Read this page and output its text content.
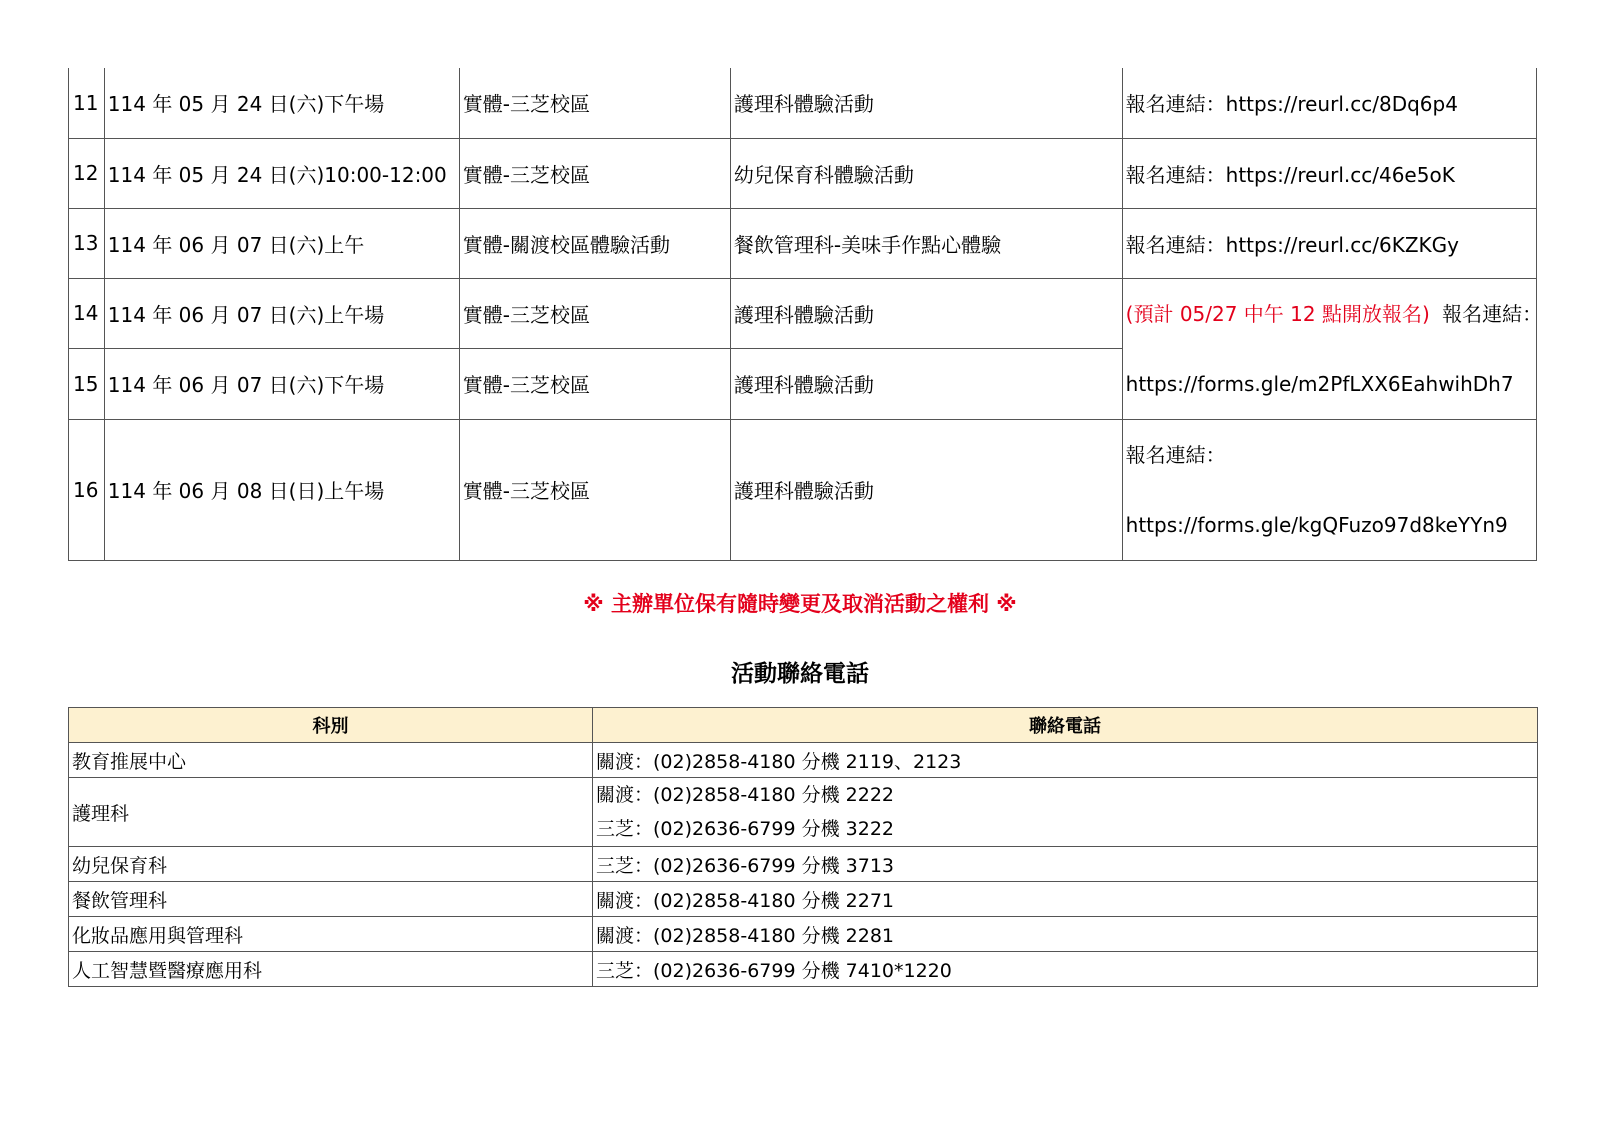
11	114 年 05 月 24 日(六)下午場	實體-三芝校區	護理科體驗活動	報名連結：https://reurl.cc/8Dq6p4
12	114 年 05 月 24 日(六)10:00-12:00	實體-三芝校區	幼兒保育科體驗活動	報名連結：https://reurl.cc/46e5oK
13	114 年 06 月 07 日(六)上午	實體-關渡校區體驗活動	餐飲管理科-美味手作點心體驗	報名連結：https://reurl.cc/6KZKGy
14	114 年 06 月 07 日(六)上午場	實體-三芝校區	護理科體驗活動	(預計 05/27 中午 12 點開放報名) 報名連結：
https://forms.gle/m2PfLXX6EahwihDh7

15	114 年 06 月 07 日(六)下午場	實體-三芝校區	護理科體驗活動	
16	114 年 06 月 08 日(日)上午場	實體-三芝校區	護理科體驗活動	報名連結：
https://forms.gle/kgQFuzo97d8keYYn9
※ 主辦單位保有隨時變更及取消活動之權利 ※
活動聯絡電話
科別	聯絡電話
教育推展中心	關渡：(02)2858-4180 分機 2119、2123
護理科	關渡：(02)2858-4180 分機 2222
三芝：(02)2636-6799 分機 3222

幼兒保育科	三芝：(02)2636-6799 分機 3713
餐飲管理科	關渡：(02)2858-4180 分機 2271
化妝品應用與管理科	關渡：(02)2858-4180 分機 2281
人工智慧暨醫療應用科	三芝：(02)2636-6799 分機 7410*1220
